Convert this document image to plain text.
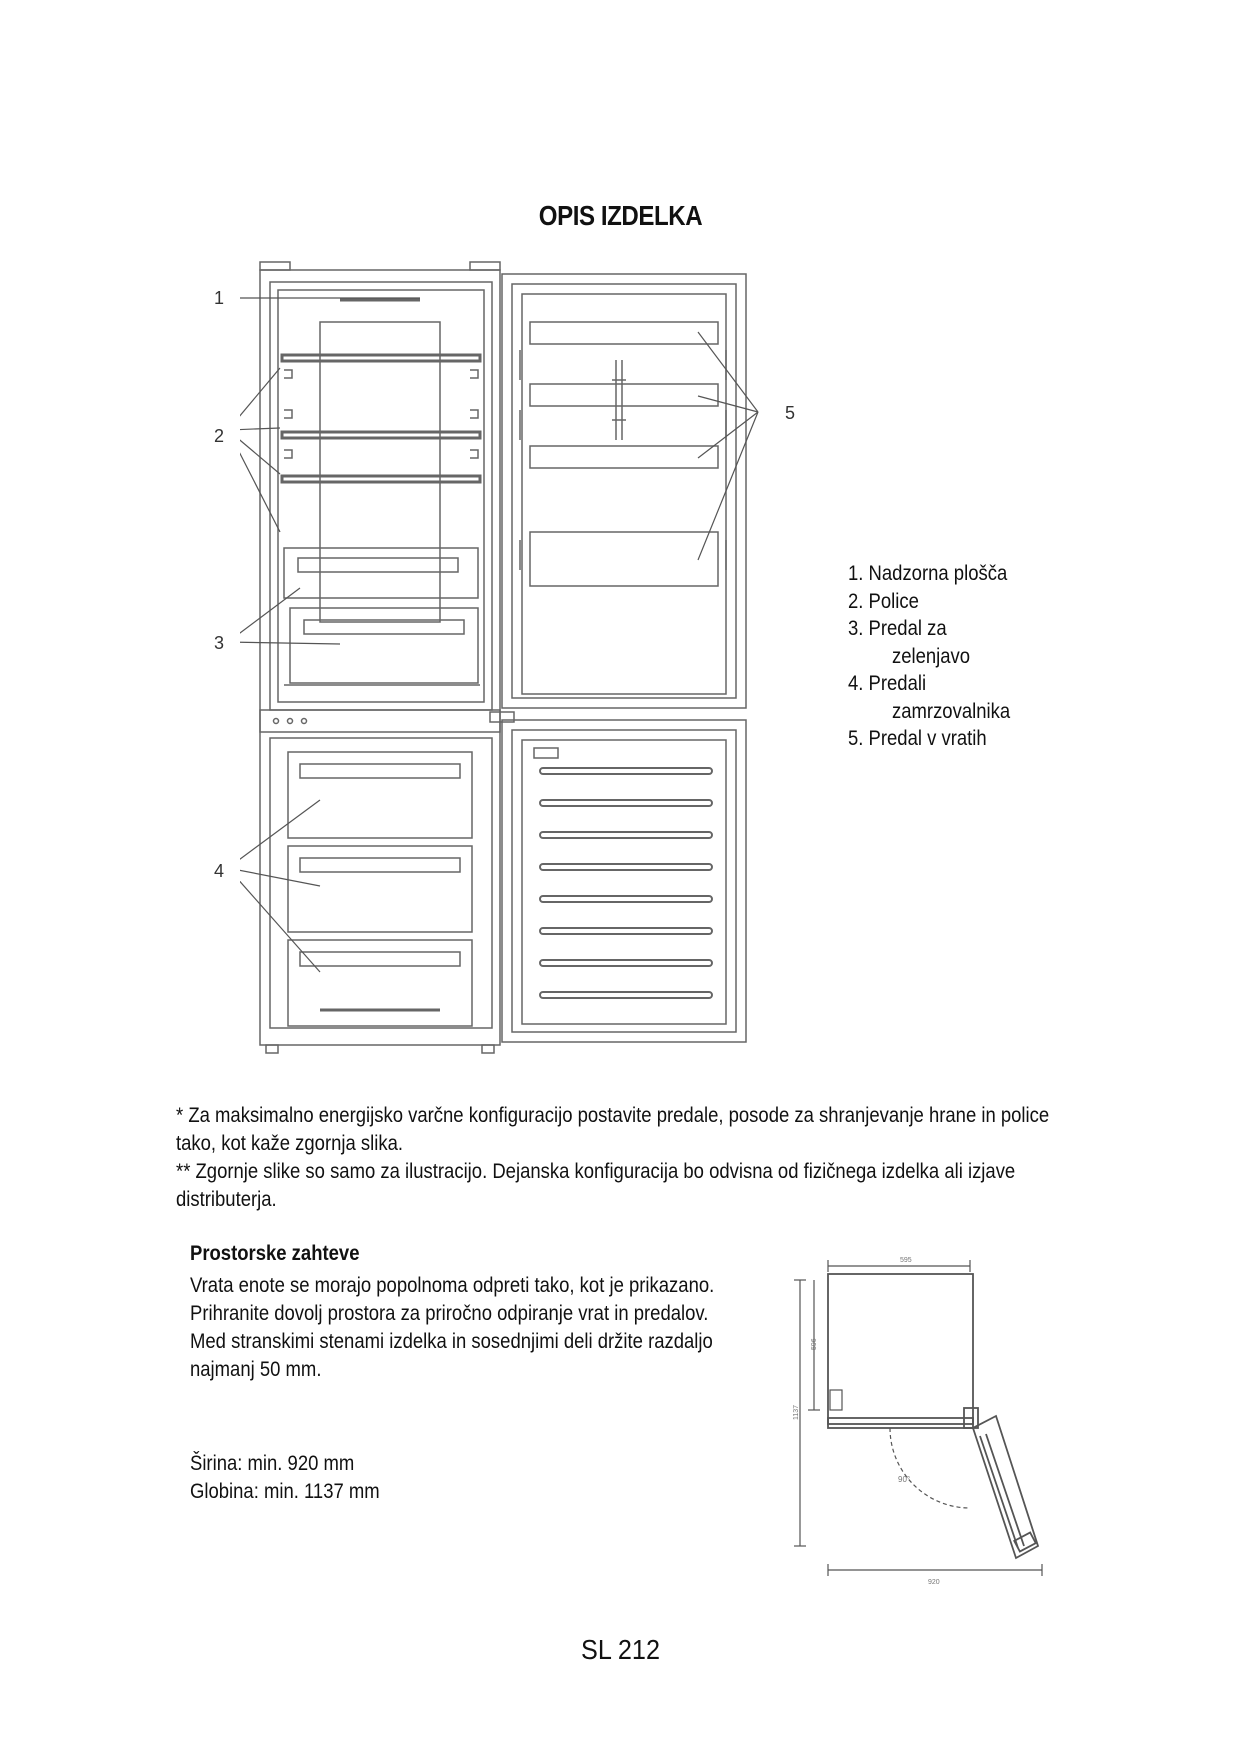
OPIS IZDELKA
1
2
3
4
5
1. Nadzorna plošča
2. Police
3. Predal za
zelenjavo
4. Predali
zamrzovalnika
5. Predal v vratih
* Za maksimalno energijsko varčne konfiguracijo postavite predale, posode za shranjevanje hrane in police tako, kot kaže zgornja slika.
** Zgornje slike so samo za ilustracijo. Dejanska konfiguracija bo odvisna od fizičnega izdelka ali izjave distributerja.
Prostorske zahteve
Vrata enote se morajo popolnoma odpreti tako, kot je prikazano. Prihranite dovolj prostora za priročno odpiranje vrat in predalov.
Med stranskimi stenami izdelka in sosednjimi deli držite razdaljo najmanj 50 mm.
Širina: min. 920 mm
Globina: min. 1137 mm
595
596
1137
90°
920
SL 212
